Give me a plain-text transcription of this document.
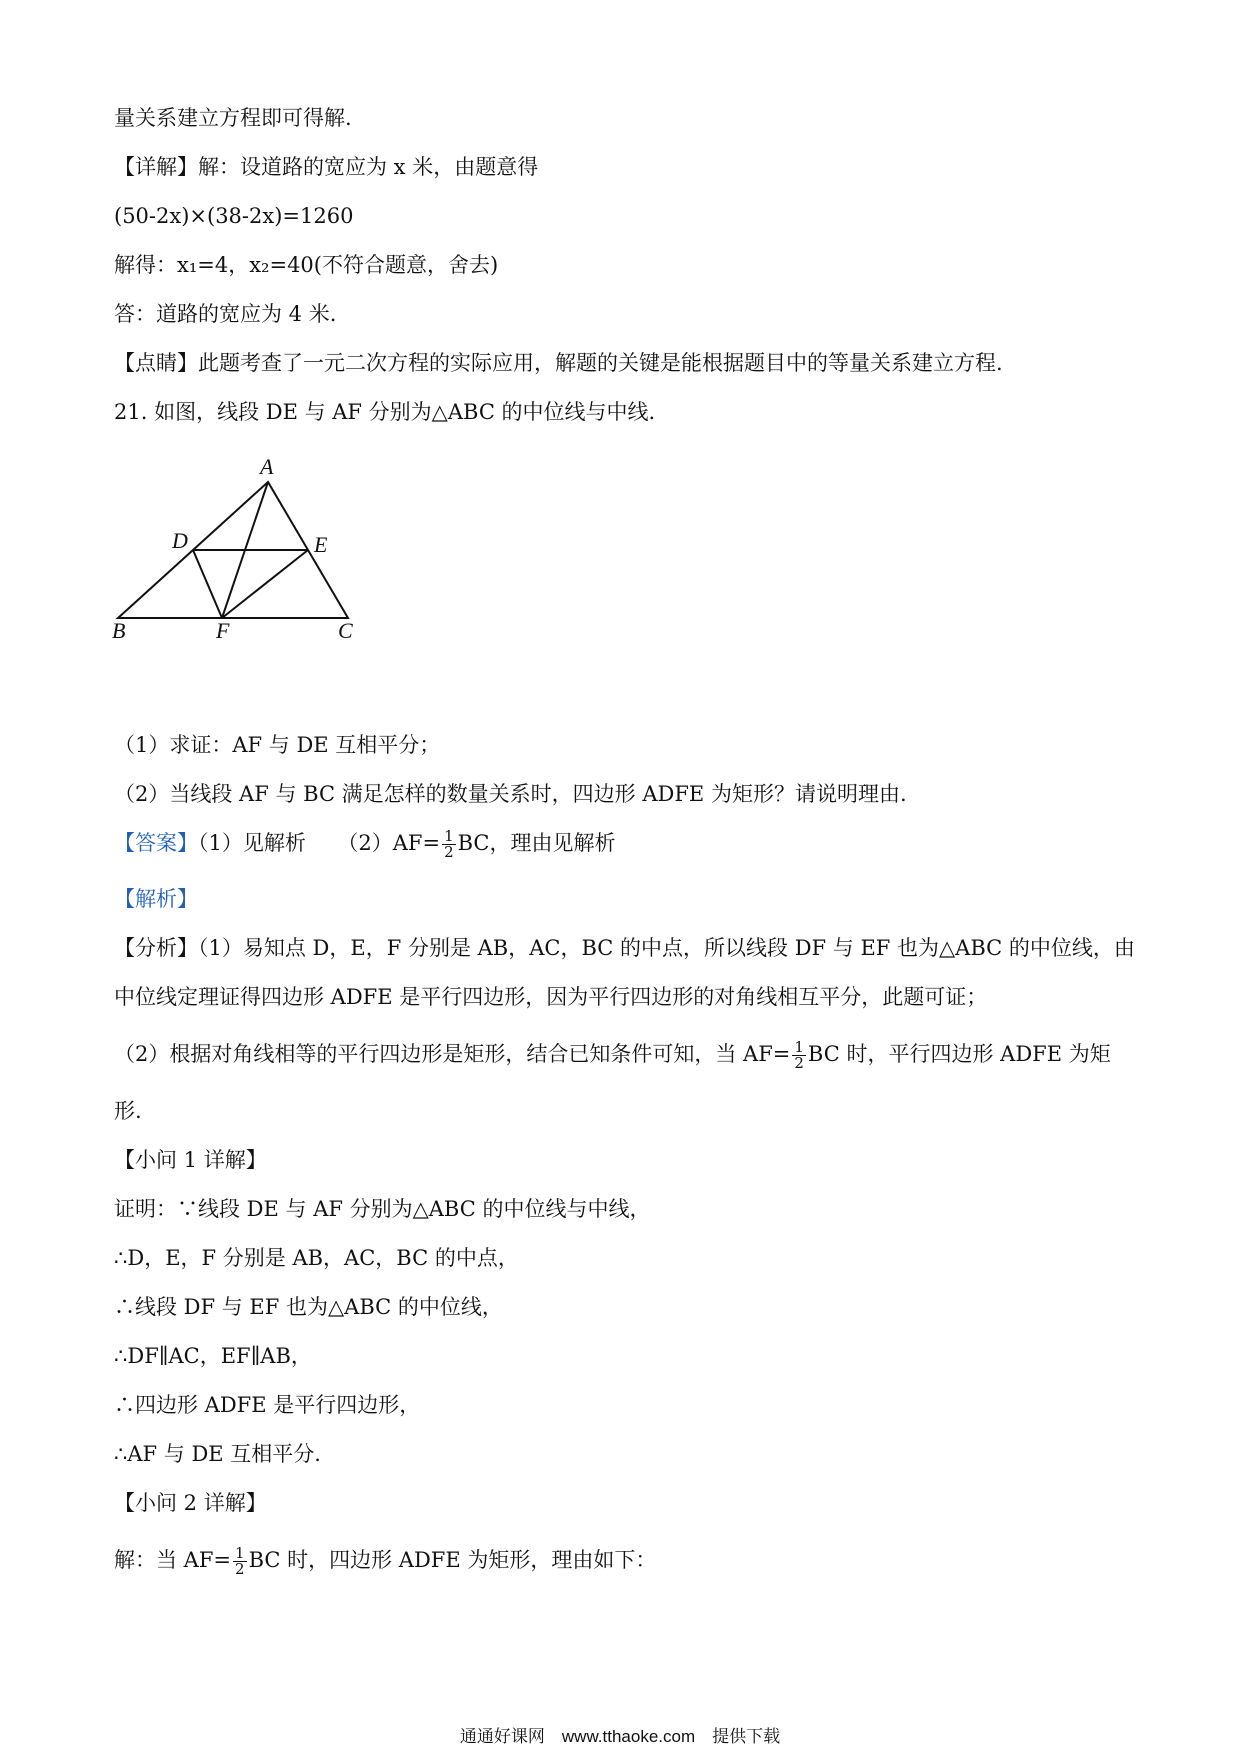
量关系建立方程即可得解.
【详解】解：设道路的宽应为 x 米，由题意得
(50-2x)×(38-2x)=1260
解得：x₁=4，x₂=40(不符合题意，舍去)
答：道路的宽应为 4 米.
【点睛】此题考查了一元二次方程的实际应用，解题的关键是能根据题目中的等量关系建立方程.
21. 如图，线段 DE 与 AF 分别为△ABC 的中位线与中线.
A
D	E
B	F	C
（1）求证：AF 与 DE 互相平分；
（2）当线段 AF 与 BC 满足怎样的数量关系时，四边形 ADFE 为矩形？请说明理由.
【答案】（1）见解析　　$(2)AF= \frac{1}{2}$ BC，理由见解析
【解析】
【分析】（1）易知点 D，E，F 分别是 AB，AC，BC 的中点，所以线段 DF 与 EF 也为△ABC 的中位线，由
中位线定理证得四边形 ADFE 是平行四边形，因为平行四边形的对角线相互平分，此题可证；
（2）根据对角线相等的平行四边形是矩形，结合已知条件可知，当 $AF= \frac{1}{2}$ BC 时，平行四边形 ADFE 为矩
形.
【小问 1 详解】
证明：∵线段 DE 与 AF 分别为△ABC 的中位线与中线，
∴D，E，F 分别是 AB，AC，BC 的中点，
∴线段 DF 与 EF 也为△ABC 的中位线，
∴DF∥AC，EF∥AB，
∴四边形 ADFE 是平行四边形，
∴AF 与 DE 互相平分.
【小问 2 详解】
解：当 $AF= \frac{1}{2}$ BC 时，四边形 ADFE 为矩形，理由如下：
通通好课网　www.tthaoke.com　提供下载
